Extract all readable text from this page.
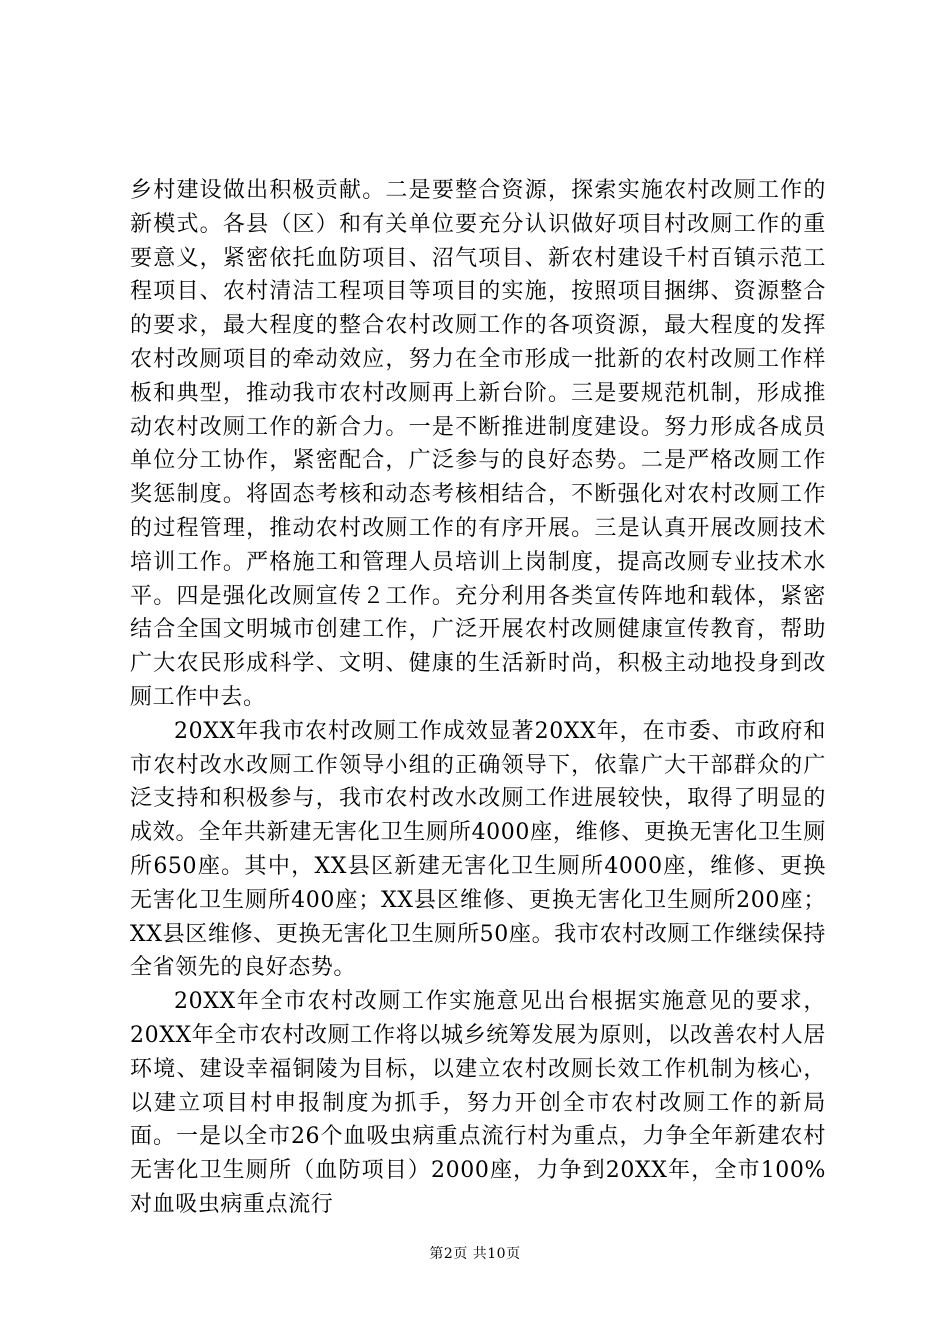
乡村建设做出积极贡献。二是要整合资源，探索实施农村改厕工作的新模式。各县（区）和有关单位要充分认识做好项目村改厕工作的重要意义，紧密依托血防项目、沼气项目、新农村建设千村百镇示范工程项目、农村清洁工程项目等项目的实施，按照项目捆绑、资源整合的要求，最大程度的整合农村改厕工作的各项资源，最大程度的发挥农村改厕项目的牵动效应，努力在全市形成一批新的农村改厕工作样板和典型，推动我市农村改厕再上新台阶。三是要规范机制，形成推动农村改厕工作的新合力。一是不断推进制度建设。努力形成各成员单位分工协作，紧密配合，广泛参与的良好态势。二是严格改厕工作奖惩制度。将固态考核和动态考核相结合，不断强化对农村改厕工作的过程管理，推动农村改厕工作的有序开展。三是认真开展改厕技术培训工作。严格施工和管理人员培训上岗制度，提高改厕专业技术水平。四是强化改厕宣传２工作。充分利用各类宣传阵地和载体，紧密结合全国文明城市创建工作，广泛开展农村改厕健康宣传教育，帮助广大农民形成科学、文明、健康的生活新时尚，积极主动地投身到改厕工作中去。

20XX年我市农村改厕工作成效显著20XX年，在市委、市政府和市农村改水改厕工作领导小组的正确领导下，依靠广大干部群众的广泛支持和积极参与，我市农村改水改厕工作进展较快，取得了明显的成效。全年共新建无害化卫生厕所4000座，维修、更换无害化卫生厕所650座。其中，XX县区新建无害化卫生厕所4000座，维修、更换无害化卫生厕所400座；XX县区维修、更换无害化卫生厕所200座；XX县区维修、更换无害化卫生厕所50座。我市农村改厕工作继续保持全省领先的良好态势。

20XX年全市农村改厕工作实施意见出台根据实施意见的要求，20XX年全市农村改厕工作将以城乡统筹发展为原则，以改善农村人居环境、建设幸福铜陵为目标，以建立农村改厕长效工作机制为核心，以建立项目村申报制度为抓手，努力开创全市农村改厕工作的新局面。一是以全市26个血吸虫病重点流行村为重点，力争全年新建农村无害化卫生厕所（血防项目）2000座，力争到20XX年，全市100%对血吸虫病重点流行

第2页 共10页
